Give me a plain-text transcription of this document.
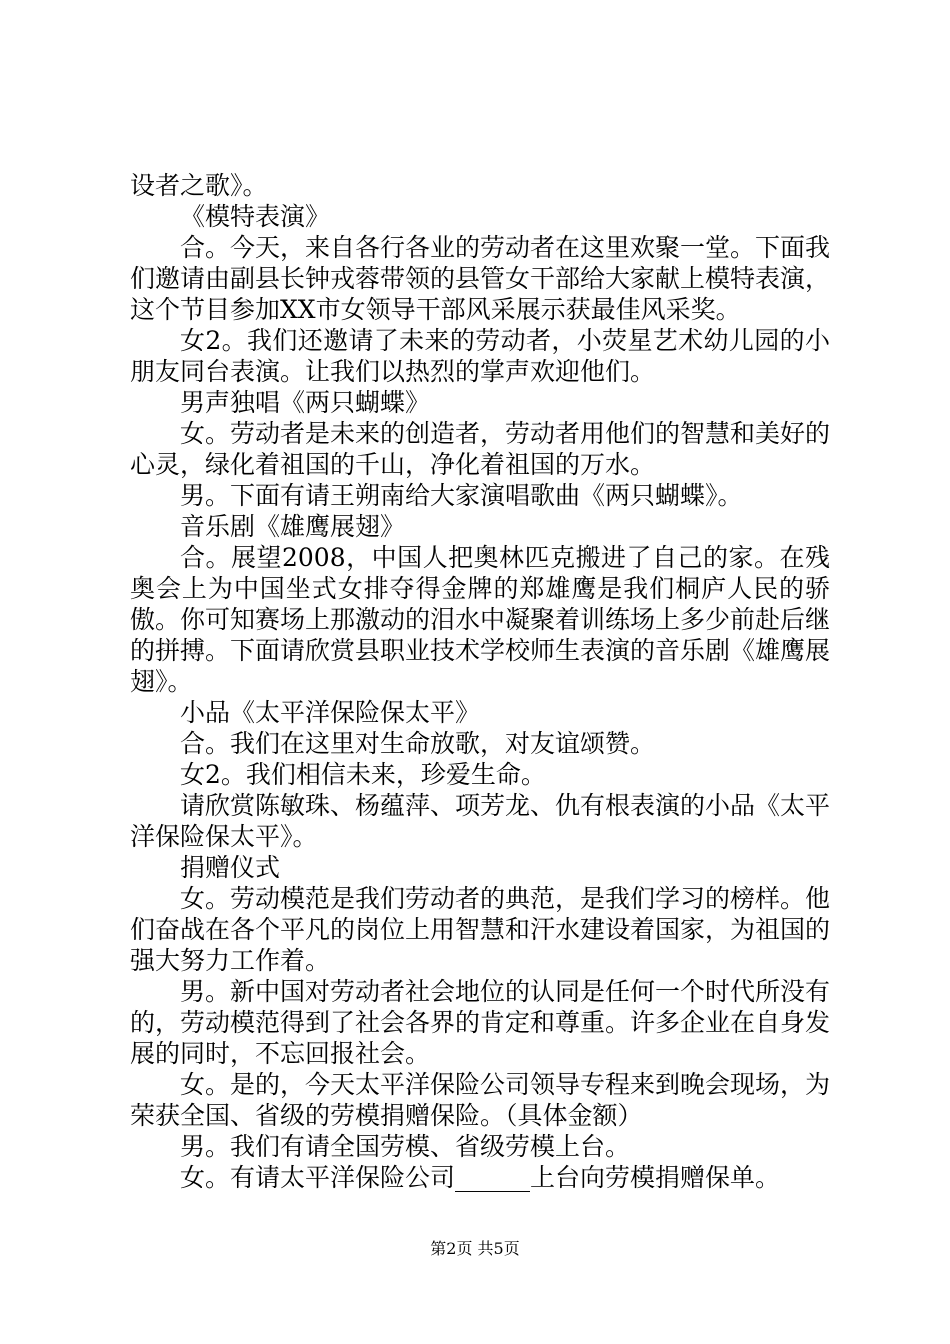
设者之歌》。

《模特表演》

合。今天，来自各行各业的劳动者在这里欢聚一堂。下面我们邀请由副县长钟戎蓉带领的县管女干部给大家献上模特表演，这个节目参加XX市女领导干部风采展示获最佳风采奖。

女2。我们还邀请了未来的劳动者，小荧星艺术幼儿园的小朋友同台表演。让我们以热烈的掌声欢迎他们。

男声独唱《两只蝴蝶》

女。劳动者是未来的创造者，劳动者用他们的智慧和美好的心灵，绿化着祖国的千山，净化着祖国的万水。

男。下面有请王朔南给大家演唱歌曲《两只蝴蝶》。

音乐剧《雄鹰展翅》

合。展望2008，中国人把奥林匹克搬进了自己的家。在残奥会上为中国坐式女排夺得金牌的郑雄鹰是我们桐庐人民的骄傲。你可知赛场上那激动的泪水中凝聚着训练场上多少前赴后继的拼搏。下面请欣赏县职业技术学校师生表演的音乐剧《雄鹰展翅》。

小品《太平洋保险保太平》

合。我们在这里对生命放歌，对友谊颂赞。

女2。我们相信未来，珍爱生命。

请欣赏陈敏珠、杨蕴萍、项芳龙、仇有根表演的小品《太平洋保险保太平》。

捐赠仪式

女。劳动模范是我们劳动者的典范，是我们学习的榜样。他们奋战在各个平凡的岗位上用智慧和汗水建设着国家，为祖国的强大努力工作着。

男。新中国对劳动者社会地位的认同是任何一个时代所没有的，劳动模范得到了社会各界的肯定和尊重。许多企业在自身发展的同时，不忘回报社会。

女。是的，今天太平洋保险公司领导专程来到晚会现场，为荣获全国、省级的劳模捐赠保险。（具体金额）

男。我们有请全国劳模、省级劳模上台。

女。有请太平洋保险公司______上台向劳模捐赠保单。

第2页 共5页
